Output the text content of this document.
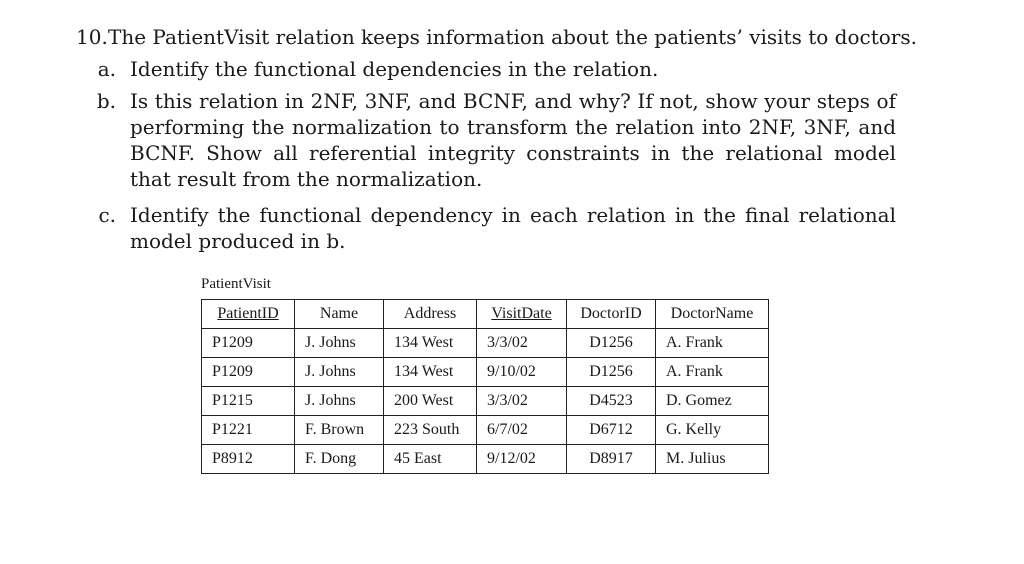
10. The PatientVisit relation keeps information about the patients’ visits to doctors.
a. Identify the functional dependencies in the relation.
b. Is this relation in 2NF, 3NF, and BCNF, and why? If not, show your steps of performing the normalization to transform the relation into 2NF, 3NF, and BCNF. Show all referential integrity constraints in the relational model that result from the normalization.
c. Identify the functional dependency in each relation in the final relational model produced in b.
PatientVisit
PatientID	Name	Address	VisitDate	DoctorID	DoctorName
P1209	J. Johns	134 West	3/3/02	D1256	A. Frank
P1209	J. Johns	134 West	9/10/02	D1256	A. Frank
P1215	J. Johns	200 West	3/3/02	D4523	D. Gomez
P1221	F. Brown	223 South	6/7/02	D6712	G. Kelly
P8912	F. Dong	45 East	9/12/02	D8917	M. Julius
